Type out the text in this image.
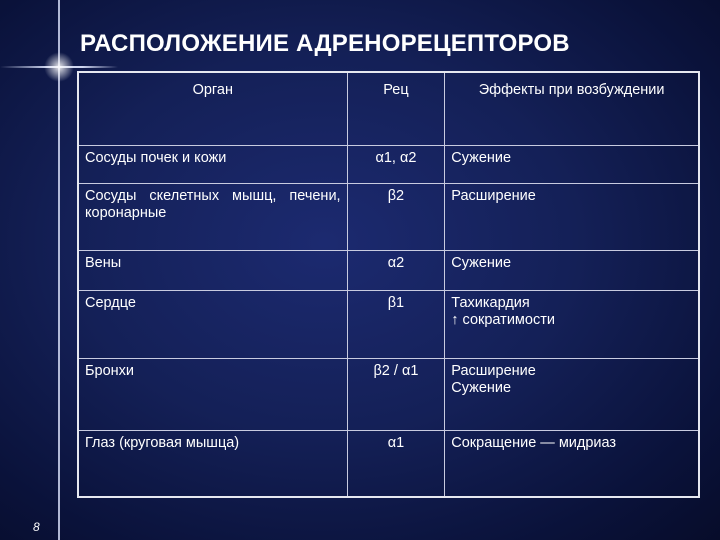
РАСПОЛОЖЕНИЕ АДРЕНОРЕЦЕПТОРОВ
Орган	Рец	Эффекты при возбуждении
Сосуды почек и кожи	α1, α2	Сужение

Сосуды скелетных мышц, печени, коронарные	β2	Расширение

Вены	α2	Сужение

Сердце	β1	Тахикардия
↑ сократимости

Бронхи	β2 / α1	Расширение
Сужение

Глаз (круговая мышца)	α1	Сокращение — мидриаз
8
